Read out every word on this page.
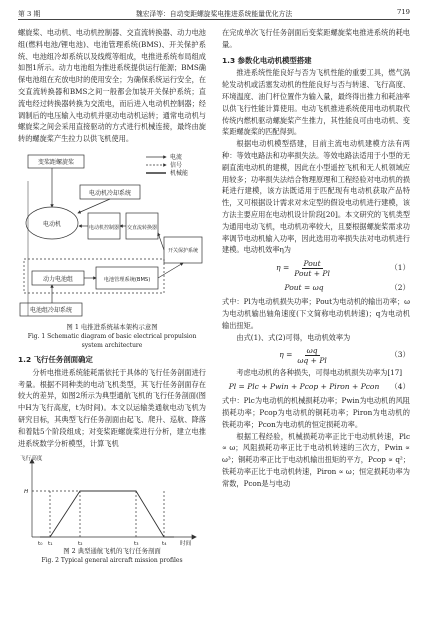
第 3 期	魏宏泽等：自动变距螺旋桨电推进系统能量优化方法	719

螺旋桨、电动机、电动机控制器、交直流转换器、动力电池组(燃料电池/锂电池)、电池管理系统(BMS)、开关保护系统、电池组冷却系统以及线缆等组成，电推进系统布局组成如图1所示。动力电池组为推进系统提供运行能源；BMS确保电池组在充放电时的使用安全；为确保系统运行安全，在交直流转换器和BMS之间一般都会加装开关保护系统；直流电经过转换器转换为交流电，而后进入电动机控制器；经调制后的电压输入电动机并驱动电动机运转；通常电动机与螺旋桨之间会采用直接驱动的方式进行机械连接，最终由旋转的螺旋桨产生拉力以供飞机使用。

变桨距螺旋桨
电动机冷却系统
电动机	电动机控制器 交直流转换器
开关保护系统
动力电池组	电池管理系统(BMS)
电池组冷却系统
电流
信号
机械能

图 1 电推进系统基本架构示意图

Fig. 1 Schematic diagram of basic electrical propulsion system architecture

1.2 飞行任务剖面确定

分析电推进系统能耗需依托于具体的飞行任务剖面进行考量。根据不同种类的电动飞机类型，其飞行任务剖面存在较大的差异，如图2所示为典型通航飞机的飞行任务剖面(图中H为飞行高度，t为时间)。本文以运输类通航电动飞机为研究目标，其典型飞行任务剖面由起飞、爬升、巡航、降落和着陆5个阶段组成；对变桨距螺旋桨进行分析，建立电推进系统数学分析模型，计算飞机

飞行高度
H
t₀ t₁	t₂	t₃	t₄ 时间

图 2 典型通航飞机的飞行任务剖面

Fig. 2 Typical general aircraft mission profiles

在完成单次飞行任务剖面后变桨距螺旋桨电推进系统的耗电量。

1.3 参数化电动机模型搭建

推进系统性能良好与否为飞机性能的重要工具，燃气涡轮发动机或活塞发动机的性能良好与否与转速、飞行高度、环境温度、油门杆位置作为输入量，最终得出推力和耗油率以供飞行性能计算使用。电动飞机推进系统使用电动机取代传统内燃机驱动螺旋桨产生推力，其性能良可由电动机、变桨距螺旋桨的匹配得到。

根据电动机模型搭建，目前主流电动机建模方法有两种：等效电路法和功率损失法。等效电路法适用于小型的无刷直流电动机的建模，因此在小型遥控飞机和无人机领域应用较多；功率损失法结合物理原理和工程经验对电动机的损耗进行建模，该方法既适用于匹配现有电动机获取产品特性，又可根据设计需求对未定型的假设电动机进行建模，该方法主要应用在电动机设计阶段[20]。本文研究的飞机类型为通用电动飞机，电动机功率较大，且要根据螺旋桨需求功率调节电动机输入功率，因此选用功率损失法对电动机进行建模。电动机效率η为

$\eta = \frac{\text{Pout}}{\text{Pout + Pl}}$	（1）
Pout = ωq	（2）

式中：Pl为电动机损失功率；Pout为电动机的输出功率；ω为电动机输出轴角速度(下文简称电动机转速)；q为电动机输出扭矩。

由式(1)、式(2)可得，电动机效率为

$\eta = \frac{\omega q}{\omega q + Pl}$	（3）

考虑电动机的各种损失，可得电动机损失功率为[17]

Pl = Plc + Pwin + Pcop + Piron + Pcon	（4）

式中：Plc为电动机的机械损耗功率；Pwin为电动机的风阻损耗功率；Pcop为电动机的铜耗功率；Piron为电动机的铁耗功率；Pcon为电动机的恒定损耗功率。

根据工程经验，机械损耗功率正比于电动机转速，Plc ∝ ω；风阻损耗功率正比于电动机转速的三次方，Pwin ∝ ω³；铜耗功率正比于电动机输出扭矩的平方，Pcop ∝ q²；铁耗功率正比于电动机转速，Piron ∝ ω；恒定损耗功率为常数，Pcon是与电动
